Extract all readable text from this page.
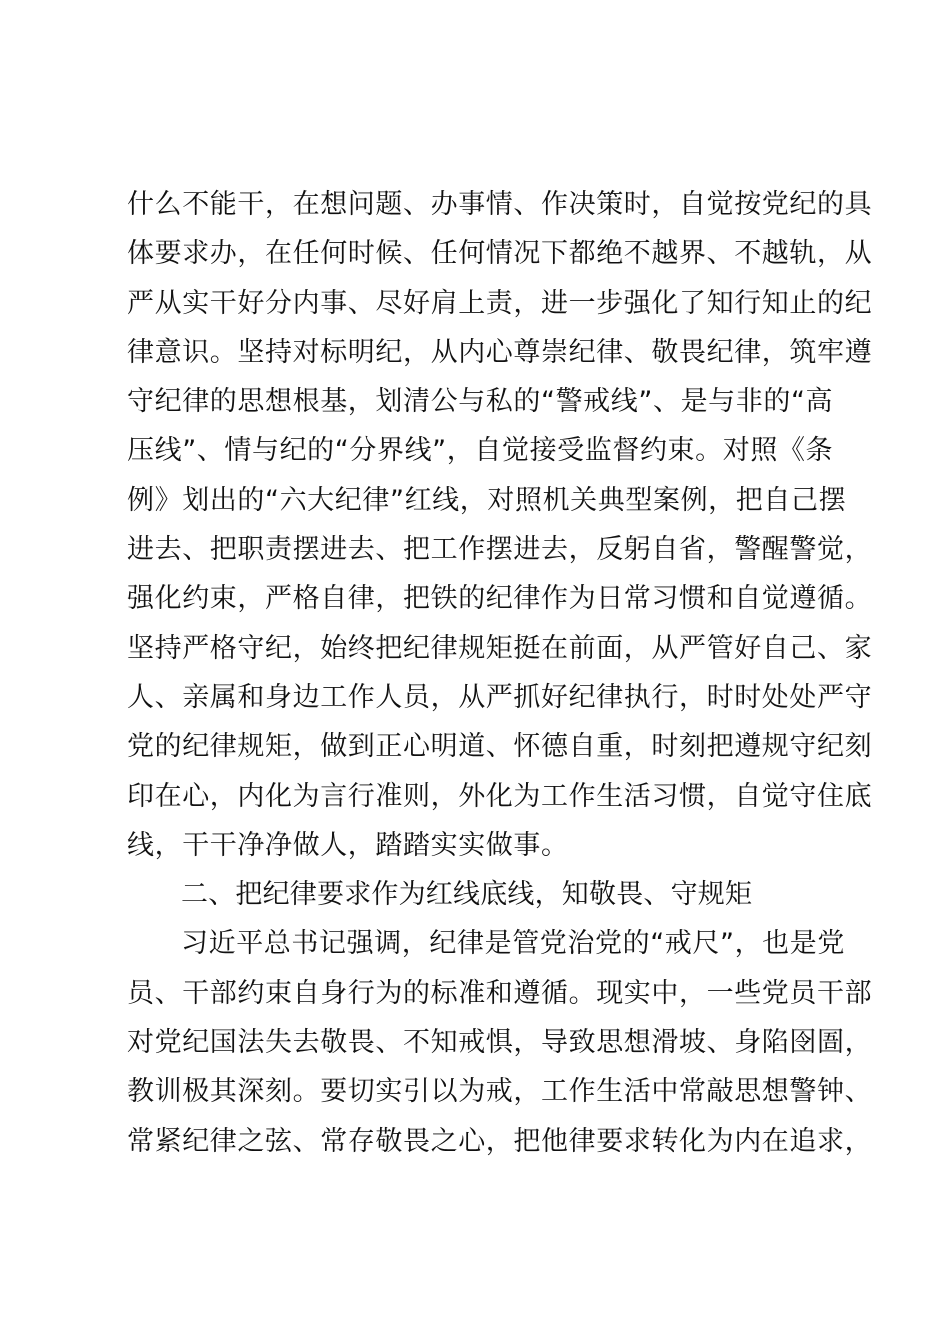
什么不能干，在想问题、办事情、作决策时，自觉按党纪的具
体要求办，在任何时候、任何情况下都绝不越界、不越轨，从
严从实干好分内事、尽好肩上责，进一步强化了知行知止的纪
律意识。坚持对标明纪，从内心尊崇纪律、敬畏纪律，筑牢遵
守纪律的思想根基，划清公与私的“警戒线”、是与非的“高
压线”、情与纪的“分界线”，自觉接受监督约束。对照《条
例》划出的“六大纪律”红线，对照机关典型案例，把自己摆
进去、把职责摆进去、把工作摆进去，反躬自省，警醒警觉，
强化约束，严格自律，把铁的纪律作为日常习惯和自觉遵循。
坚持严格守纪，始终把纪律规矩挺在前面，从严管好自己、家
人、亲属和身边工作人员，从严抓好纪律执行，时时处处严守
党的纪律规矩，做到正心明道、怀德自重，时刻把遵规守纪刻
印在心，内化为言行准则，外化为工作生活习惯，自觉守住底
线，干干净净做人，踏踏实实做事。
二、把纪律要求作为红线底线，知敬畏、守规矩
习近平总书记强调，纪律是管党治党的“戒尺”，也是党
员、干部约束自身行为的标准和遵循。现实中，一些党员干部
对党纪国法失去敬畏、不知戒惧，导致思想滑坡、身陷囹圄，
教训极其深刻。要切实引以为戒，工作生活中常敲思想警钟、
常紧纪律之弦、常存敬畏之心，把他律要求转化为内在追求，
